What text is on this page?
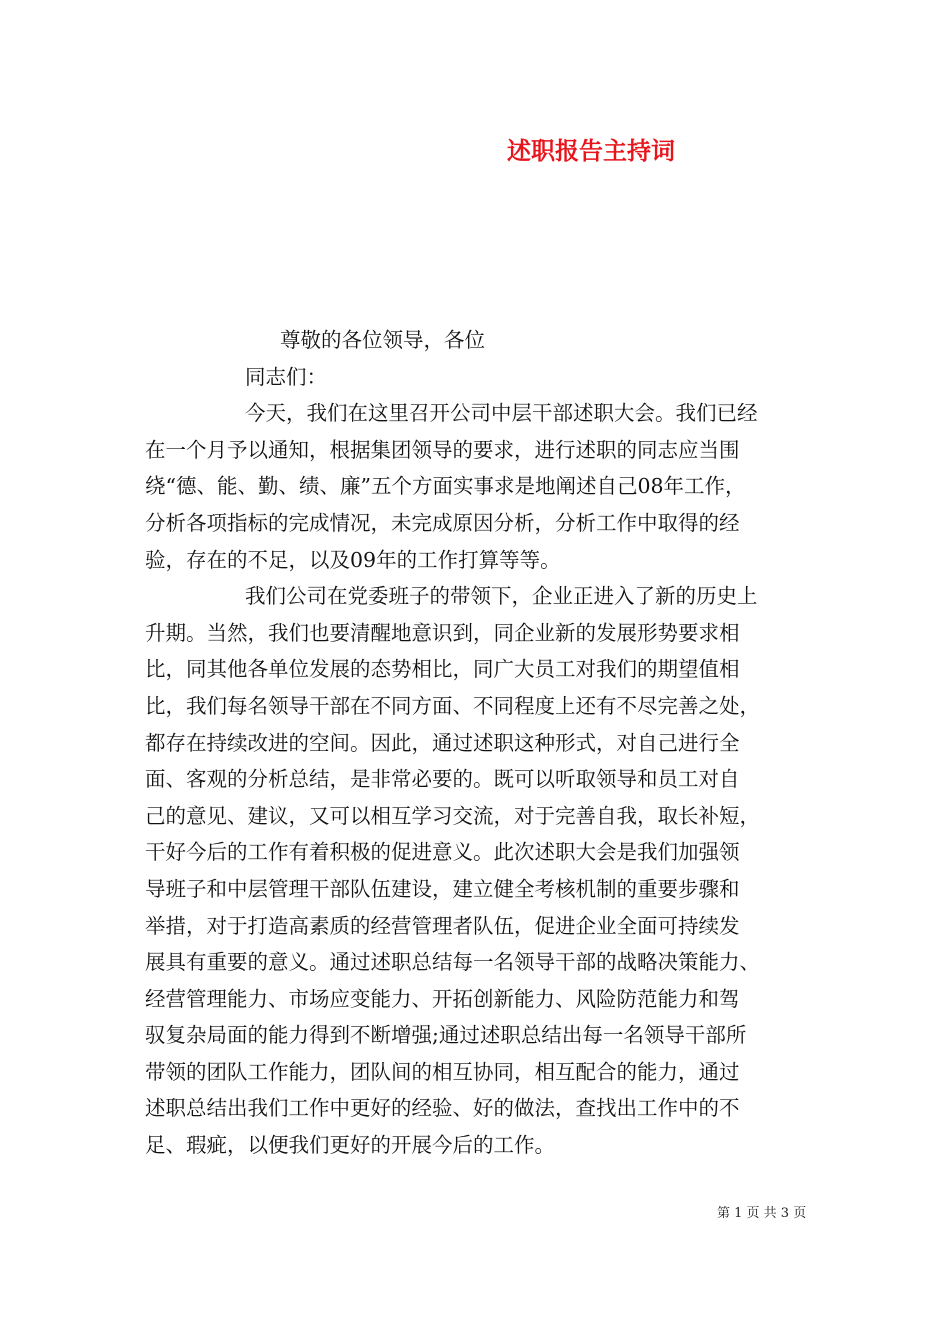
述职报告主持词
尊敬的各位领导，各位
同志们：
今天，我们在这里召开公司中层干部述职大会。我们已经
在一个月予以通知，根据集团领导的要求，进行述职的同志应当围
绕“德、能、勤、绩、廉”五个方面实事求是地阐述自己08年工作，
分析各项指标的完成情况，未完成原因分析，分析工作中取得的经
验，存在的不足，以及09年的工作打算等等。
我们公司在党委班子的带领下，企业正进入了新的历史上
升期。当然，我们也要清醒地意识到，同企业新的发展形势要求相
比，同其他各单位发展的态势相比，同广大员工对我们的期望值相
比，我们每名领导干部在不同方面、不同程度上还有不尽完善之处，
都存在持续改进的空间。因此，通过述职这种形式，对自己进行全
面、客观的分析总结，是非常必要的。既可以听取领导和员工对自
己的意见、建议，又可以相互学习交流，对于完善自我，取长补短，
干好今后的工作有着积极的促进意义。此次述职大会是我们加强领
导班子和中层管理干部队伍建设，建立健全考核机制的重要步骤和
举措，对于打造高素质的经营管理者队伍，促进企业全面可持续发
展具有重要的意义。通过述职总结每一名领导干部的战略决策能力、
经营管理能力、市场应变能力、开拓创新能力、风险防范能力和驾
驭复杂局面的能力得到不断增强;通过述职总结出每一名领导干部所
带领的团队工作能力，团队间的相互协同，相互配合的能力，通过
述职总结出我们工作中更好的经验、好的做法，查找出工作中的不
足、瑕疵，以便我们更好的开展今后的工作。
第 1 页 共 3 页
